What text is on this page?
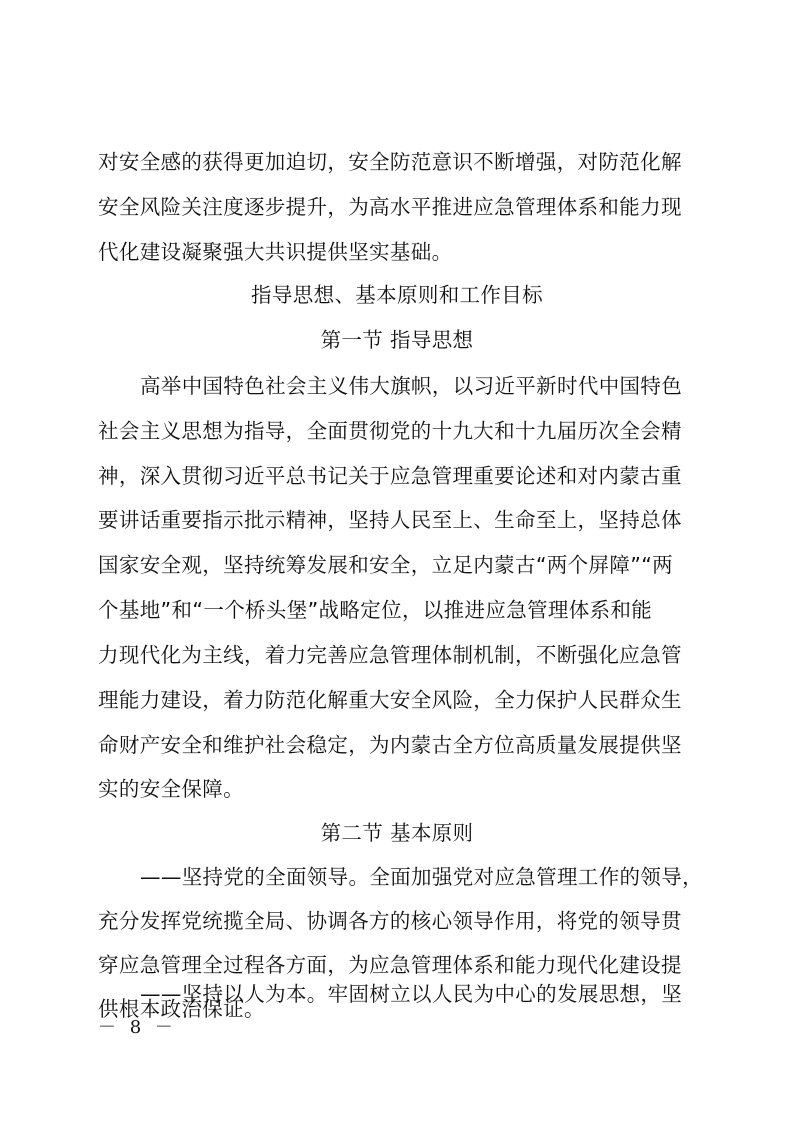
对安全感的获得更加迫切，安全防范意识不断增强，对防范化解
安全风险关注度逐步提升，为高水平推进应急管理体系和能力现
代化建设凝聚强大共识提供坚实基础。
指导思想、基本原则和工作目标
第一节 指导思想
高举中国特色社会主义伟大旗帜，以习近平新时代中国特色
社会主义思想为指导，全面贯彻党的十九大和十九届历次全会精
神，深入贯彻习近平总书记关于应急管理重要论述和对内蒙古重
要讲话重要指示批示精神，坚持人民至上、生命至上，坚持总体
国家安全观，坚持统筹发展和安全，立足内蒙古“两个屏障”“两
个基地”和“一个桥头堡”战略定位，以推进应急管理体系和能
力现代化为主线，着力完善应急管理体制机制，不断强化应急管
理能力建设，着力防范化解重大安全风险，全力保护人民群众生
命财产安全和维护社会稳定，为内蒙古全方位高质量发展提供坚
实的安全保障。
第二节 基本原则
——坚持党的全面领导。全面加强党对应急管理工作的领导，
充分发挥党统揽全局、协调各方的核心领导作用，将党的领导贯
穿应急管理全过程各方面，为应急管理体系和能力现代化建设提
供根本政治保证。
——坚持以人为本。牢固树立以人民为中心的发展思想，坚
－ 8 －
